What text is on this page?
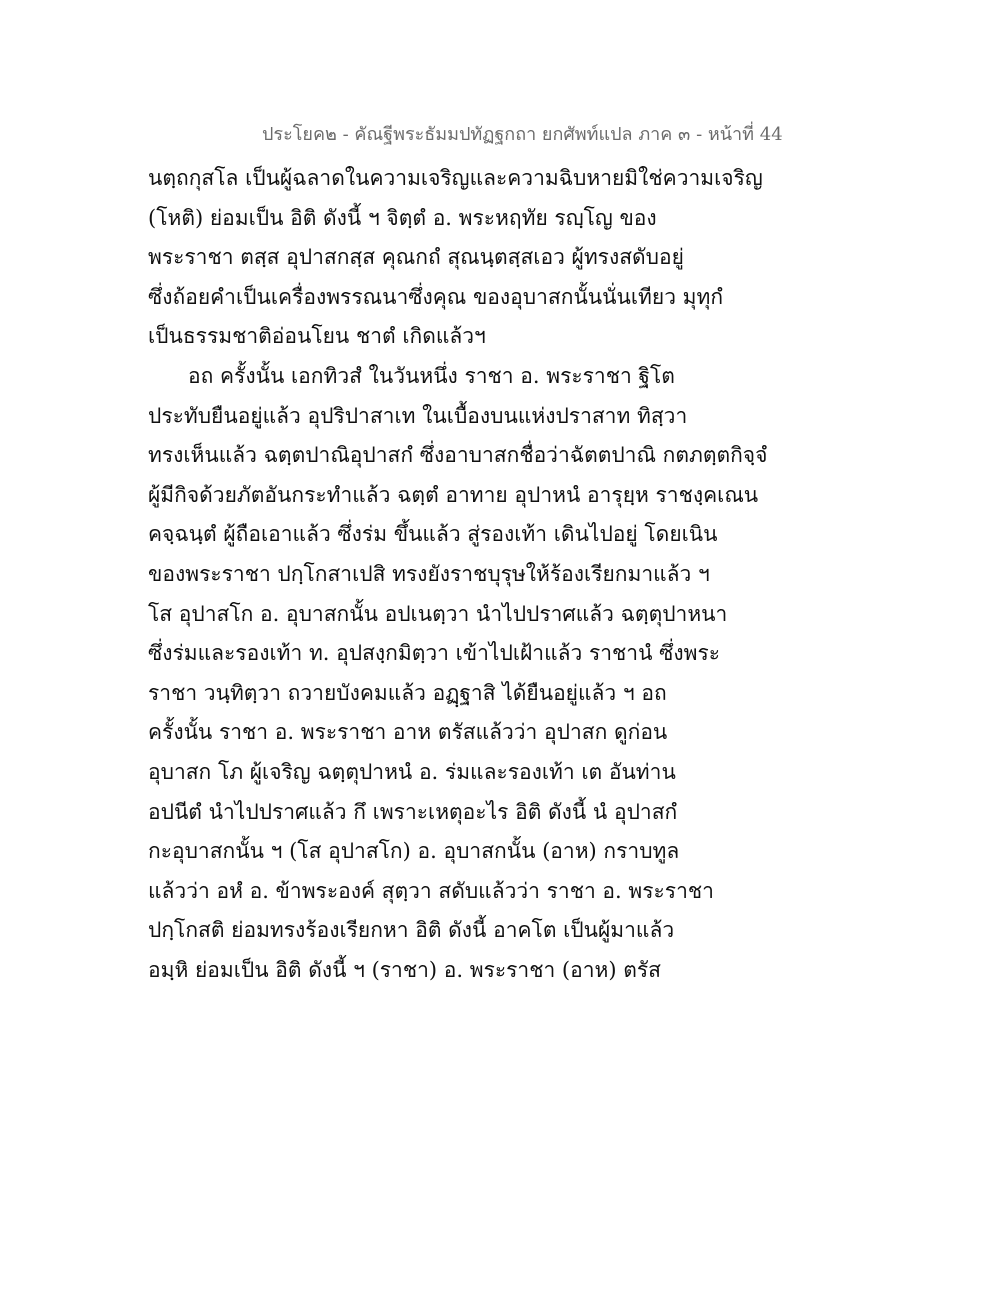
ประโยค๒ - คัณฐีพระธัมมปทัฏฐกถา ยกศัพท์แปล ภาค ๓ - หน้าที่ 44
นตฺถกุสโล เป็นผู้ฉลาดในความเจริญและความฉิบหายมิใช่ความเจริญ
(โหติ) ย่อมเป็น อิติ ดังนี้ ฯ จิตฺตํ อ. พระหฤทัย รญฺโญ ของ
พระราชา ตสฺส อุปาสกสฺส คุณกถํ สุณนฺตสฺสเอว ผู้ทรงสดับอยู่
ซึ่งถ้อยคำเป็นเครื่องพรรณนาซึ่งคุณ ของอุบาสกนั้นนั่นเทียว มุทุกํ
เป็นธรรมชาติอ่อนโยน ชาตํ เกิดแล้วฯ
อถ ครั้งนั้น เอกทิวสํ ในวันหนึ่ง ราชา อ. พระราชา ฐิโต
ประทับยืนอยู่แล้ว อุปริปาสาเท ในเบื้องบนแห่งปราสาท ทิสฺวา
ทรงเห็นแล้ว ฉตฺตปาณิอุปาสกํ ซึ่งอาบาสกชื่อว่าฉัตตปาณิ กตภตฺตกิจฺจํ
ผู้มีกิจด้วยภัตอันกระทำแล้ว ฉตฺตํ อาทาย อุปาหนํ อารุยฺห ราชงฺคเณน
คจฺฉนฺตํ ผู้ถือเอาแล้ว ซึ่งร่ม ขึ้นแล้ว สู่รองเท้า เดินไปอยู่ โดยเนิน
ของพระราชา ปกฺโกสาเปสิ ทรงยังราชบุรุษให้ร้องเรียกมาแล้ว ฯ
โส อุปาสโก อ. อุบาสกนั้น อปเนตฺวา นำไปปราศแล้ว ฉตฺตุปาหนา
ซึ่งร่มและรองเท้า ท. อุปสงฺกมิตฺวา เข้าไปเฝ้าแล้ว ราชานํ ซึ่งพระ
ราชา วนฺทิตฺวา ถวายบังคมแล้ว อฏฺฐาสิ ได้ยืนอยู่แล้ว ฯ อถ
ครั้งนั้น ราชา อ. พระราชา อาห ตรัสแล้วว่า อุปาสก ดูก่อน
อุบาสก โภ ผู้เจริญ ฉตฺตุปาหนํ อ. ร่มและรองเท้า เต อันท่าน
อปนีตํ นำไปปราศแล้ว กึ เพราะเหตุอะไร อิติ ดังนี้ นํ อุปาสกํ
กะอุบาสกนั้น ฯ (โส อุปาสโก) อ. อุบาสกนั้น (อาห) กราบทูล
แล้วว่า อหํ อ. ข้าพระองค์ สุตฺวา สดับแล้วว่า ราชา อ. พระราชา
ปกฺโกสติ ย่อมทรงร้องเรียกหา อิติ ดังนี้ อาคโต เป็นผู้มาแล้ว
อมฺหิ ย่อมเป็น อิติ ดังนี้ ฯ (ราชา) อ. พระราชา (อาห) ตรัส
